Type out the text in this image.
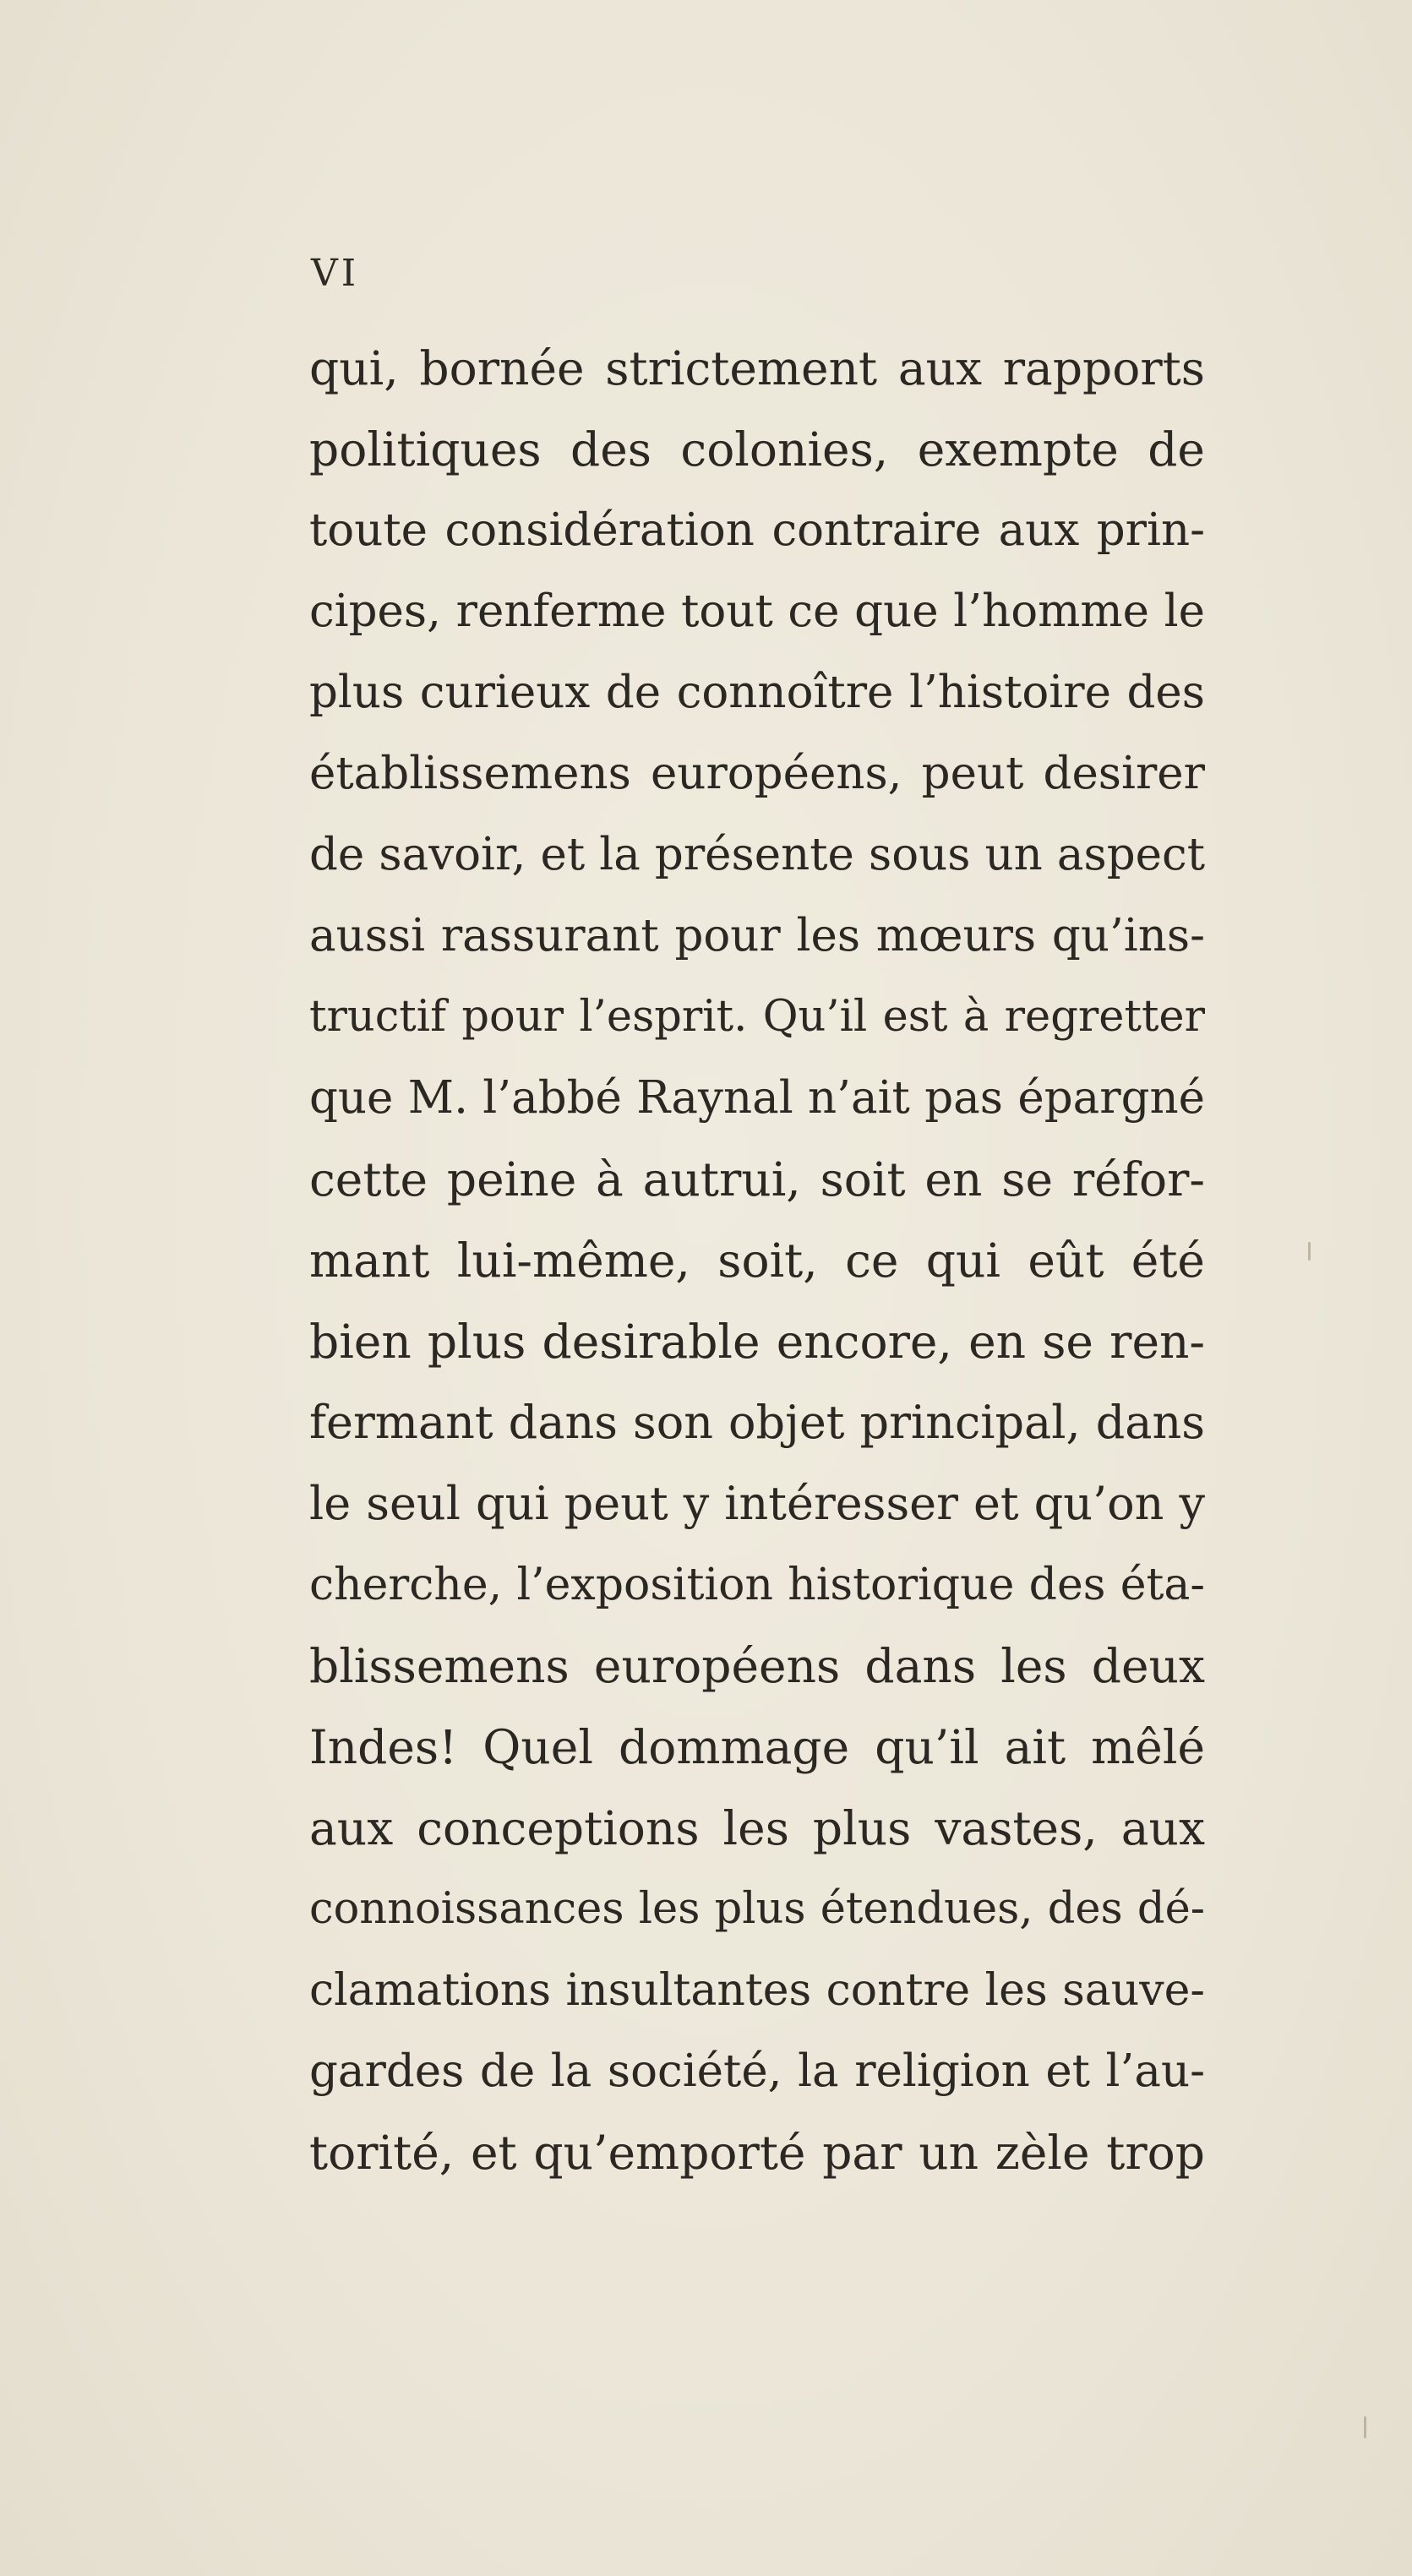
VI

qui, bornée strictement aux rapports
politiques des colonies, exempte de
toute considération contraire aux prin-
cipes, renferme tout ce que l’homme le
plus curieux de connoître l’histoire des
établissemens européens, peut desirer
de savoir, et la présente sous un aspect
aussi rassurant pour les mœurs qu’ins-
tructif pour l’esprit. Qu’il est à regretter
que M. l’abbé Raynal n’ait pas épargné
cette peine à autrui, soit en se réfor-
mant lui-même, soit, ce qui eût été
bien plus desirable encore, en se ren-
fermant dans son objet principal, dans
le seul qui peut y intéresser et qu’on y
cherche, l’exposition historique des éta-
blissemens européens dans les deux
Indes! Quel dommage qu’il ait mêlé
aux conceptions les plus vastes, aux
connoissances les plus étendues, des dé-
clamations insultantes contre les sauve-
gardes de la société, la religion et l’au-
torité, et qu’emporté par un zèle trop
